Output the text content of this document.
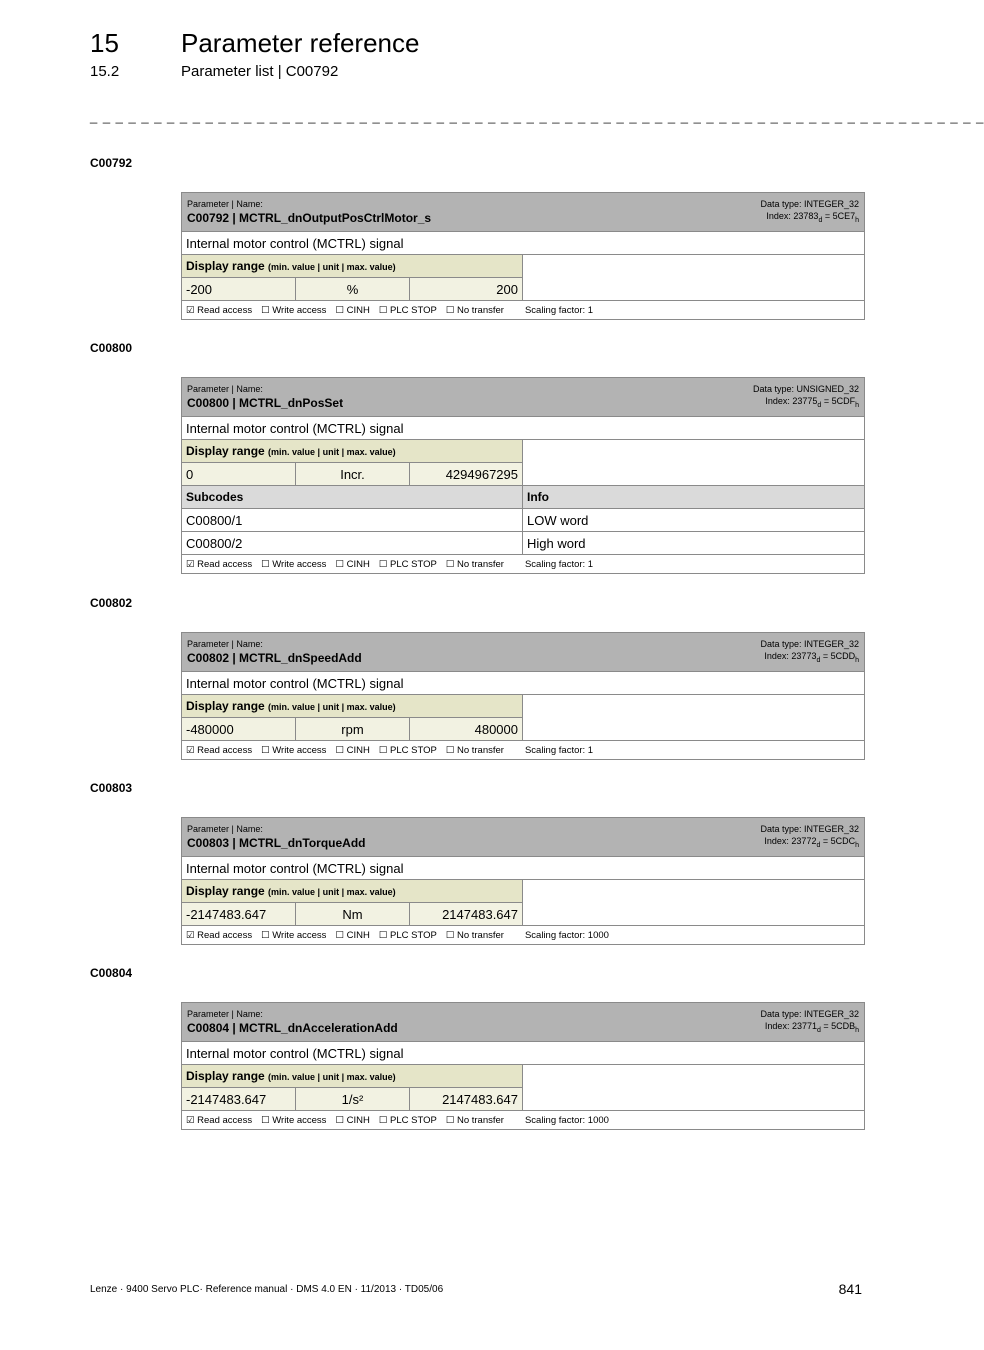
15 Parameter reference
15.2	Parameter list | C00792
_ _ _ _ _ _ _ _ _ _ _ _ _ _ _ _ _ _ _ _ _ _ _ _ _ _ _ _ _ _ _ _ _ _ _ _ _ _ _ _ _ _ _ _ _ _ _ _ _ _ _ _ _ _ _ _ _ _ _ _ _ _ _ _ _ _ _ _ _ _
C00792
Parameter | Name:
C00792 | MCTRL_dnOutputPosCtrlMotor_s
Data type: INTEGER_32
Index: $23783_d = 5CE7_h$

Internal motor control (MCTRL) signal			
Display range (min. value | unit | max. value)			
-200	%	200	
☑ Read access ☐ Write access ☐ CINH ☐ PLC STOP ☐ No transfer Scaling factor: 1			
C00800
Parameter | Name:
C00800 | MCTRL_dnPosSet
Data type: UNSIGNED_32
Index: $23775_d = 5CDF_h$

Internal motor control (MCTRL) signal			
Display range (min. value | unit | max. value)			
0	Incr.	4294967295	
Subcodes			Info
C00800/1			LOW word
C00800/2			High word
☑ Read access ☐ Write access ☐ CINH ☐ PLC STOP ☐ No transfer Scaling factor: 1			
C00802
Parameter | Name:
C00802 | MCTRL_dnSpeedAdd
Data type: INTEGER_32
Index: $23773_d = 5CDD_h$

Internal motor control (MCTRL) signal			
Display range (min. value | unit | max. value)			
-480000	rpm	480000	
☑ Read access ☐ Write access ☐ CINH ☐ PLC STOP ☐ No transfer Scaling factor: 1			
C00803
Parameter | Name:
C00803 | MCTRL_dnTorqueAdd
Data type: INTEGER_32
Index: $23772_d = 5CDC_h$

Internal motor control (MCTRL) signal			
Display range (min. value | unit | max. value)			
-2147483.647	Nm	2147483.647	
☑ Read access ☐ Write access ☐ CINH ☐ PLC STOP ☐ No transfer Scaling factor: 1000			
C00804
Parameter | Name:
C00804 | MCTRL_dnAccelerationAdd
Data type: INTEGER_32
Index: $23771_d = 5CDB_h$

Internal motor control (MCTRL) signal			
Display range (min. value | unit | max. value)			
-2147483.647	1/s²	2147483.647	
☑ Read access ☐ Write access ☐ CINH ☐ PLC STOP ☐ No transfer Scaling factor: 1000			
Lenze · 9400 Servo PLC· Reference manual · DMS 4.0 EN · 11/2013 · TD05/06	841
